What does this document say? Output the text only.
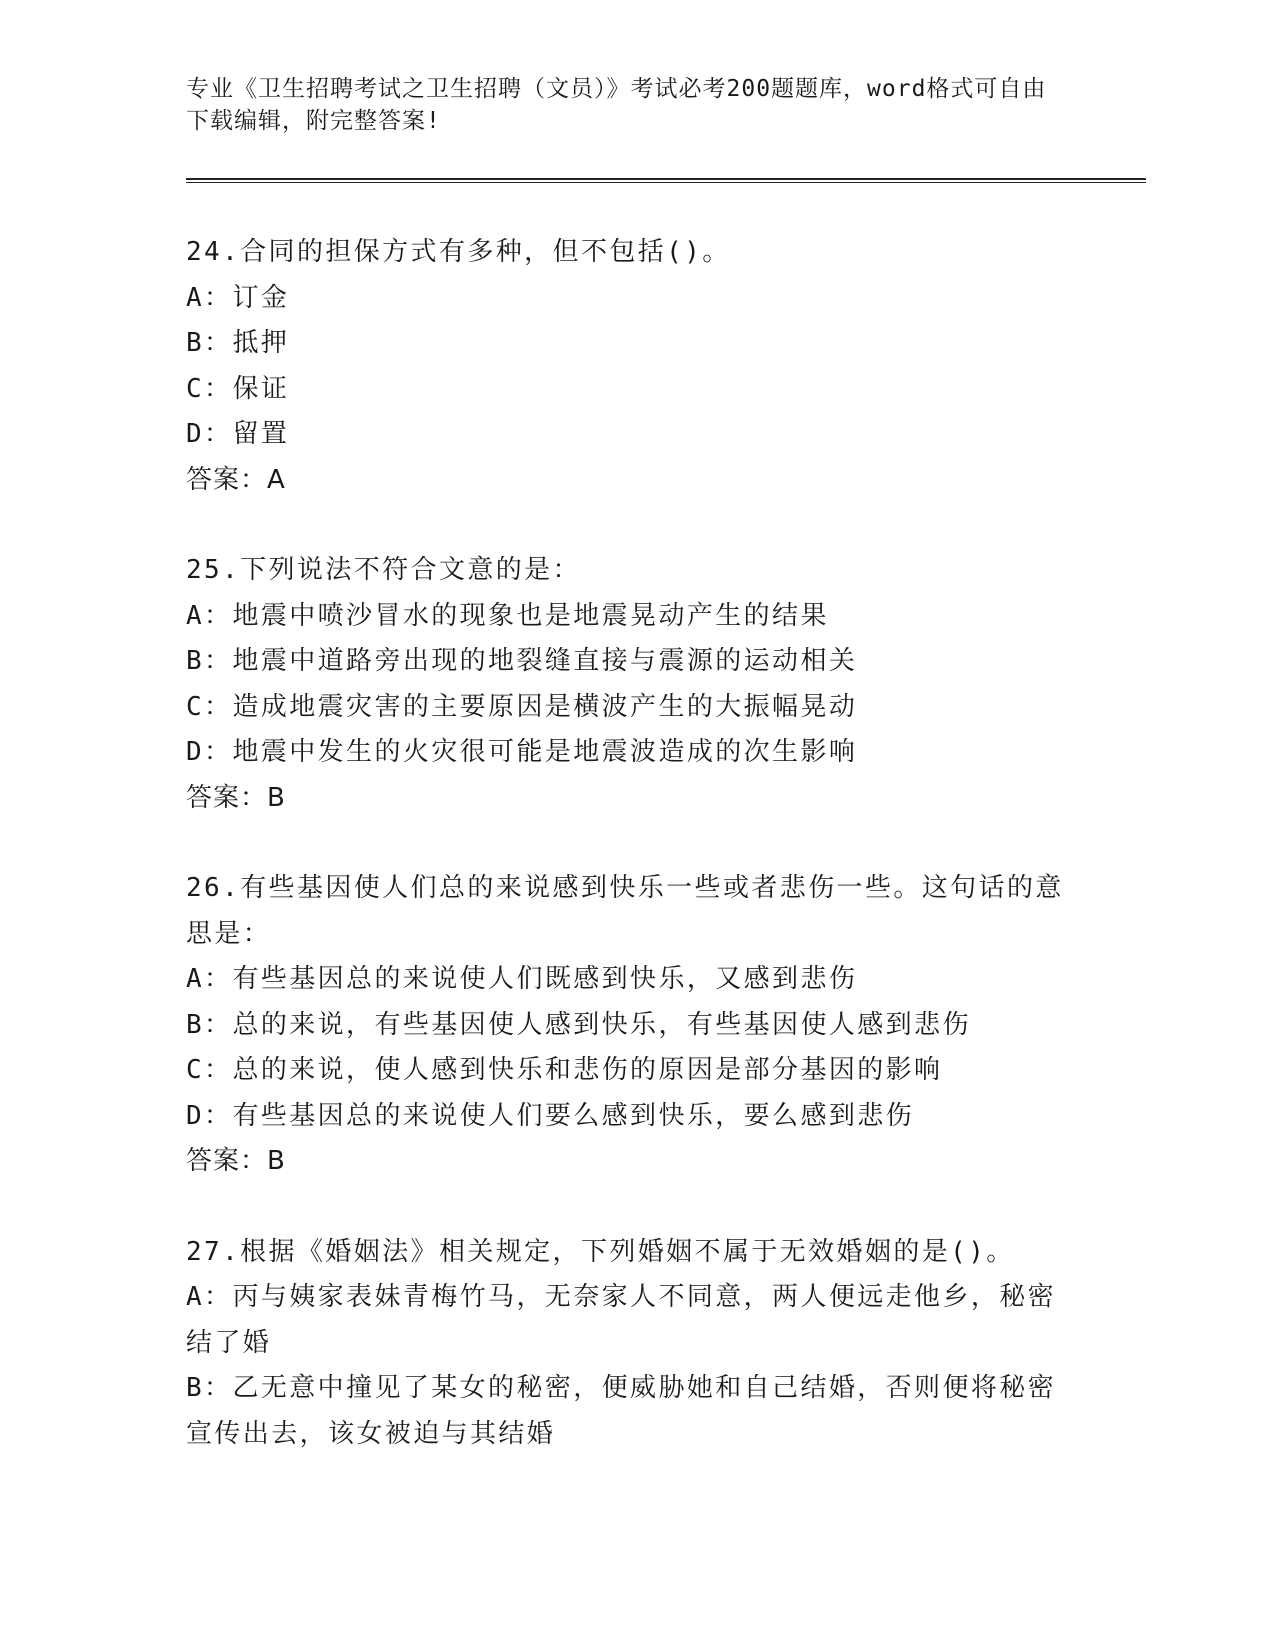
专业《卫生招聘考试之卫生招聘（文员）》考试必考200题题库，word格式可自由下载编辑，附完整答案!
24.合同的担保方式有多种，但不包括()。
A：订金
B：抵押
C：保证
D：留置
答案：A
25.下列说法不符合文意的是：
A：地震中喷沙冒水的现象也是地震晃动产生的结果
B：地震中道路旁出现的地裂缝直接与震源的运动相关
C：造成地震灾害的主要原因是横波产生的大振幅晃动
D：地震中发生的火灾很可能是地震波造成的次生影响
答案：B
26.有些基因使人们总的来说感到快乐一些或者悲伤一些。这句话的意思是：
A：有些基因总的来说使人们既感到快乐，又感到悲伤
B：总的来说，有些基因使人感到快乐，有些基因使人感到悲伤
C：总的来说，使人感到快乐和悲伤的原因是部分基因的影响
D：有些基因总的来说使人们要么感到快乐，要么感到悲伤
答案：B
27.根据《婚姻法》相关规定，下列婚姻不属于无效婚姻的是()。
A：丙与姨家表妹青梅竹马，无奈家人不同意，两人便远走他乡，秘密结了婚
B：乙无意中撞见了某女的秘密，便威胁她和自己结婚，否则便将秘密宣传出去，该女被迫与其结婚
